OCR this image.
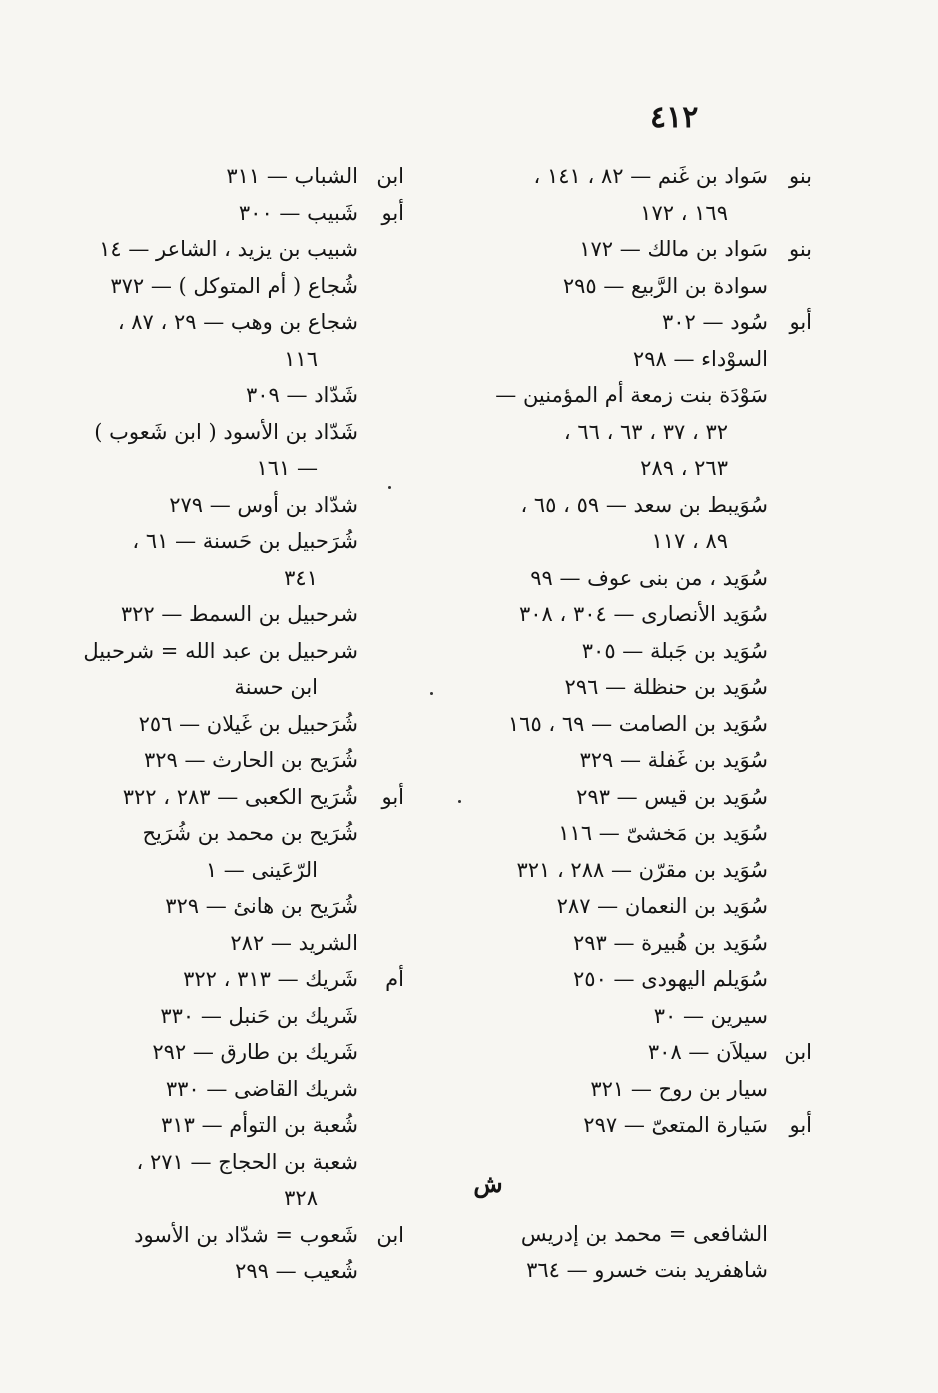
٤١٢
بنو
سَواد بن غَنم — ٨٢ ، ١٤١ ،
١٦٩ ، ١٧٢
بنو
سَواد بن مالك — ١٧٢
سوادة بن الرَّبيع — ٢٩٥
أبو
سُود — ٣٠٢
السوْداء — ٢٩٨
سَوْدَة بنت زمعة أم المؤمنين —
٣٢ ، ٣٧ ، ٦٣ ، ٦٦ ،
٢٦٣ ، ٢٨٩
سُوَيبط بن سعد — ٥٩ ، ٦٥ ،
٨٩ ، ١١٧
سُوَيد ، من بنى عوف — ٩٩
سُوَيد الأنصارى — ٣٠٤ ، ٣٠٨
سُوَيد بن جَبلة — ٣٠٥
سُوَيد بن حنظلة — ٢٩٦
سُوَيد بن الصامت — ٦٩ ، ١٦٥
سُوَيد بن غَفلة — ٣٢٩
سُوَيد بن قيس — ٢٩٣
سُوَيد بن مَخشىّ — ١١٦
سُوَيد بن مقرّن — ٢٨٨ ، ٣٢١
سُوَيد بن النعمان — ٢٨٧
سُوَيد بن هُبيرة — ٢٩٣
سُوَيلم اليهودى — ٢٥٠
سيرين — ٣٠
ابن
سيلاَن — ٣٠٨
سيار بن روح — ٣٢١
أبو
سَيارة المتعىّ — ٢٩٧
ش
الشافعى = محمد بن إدريس
شاهفريد بنت خسرو — ٣٦٤
ابن
الشباب — ٣١١
أبو
شَبيب — ٣٠٠
شبيب بن يزيد ، الشاعر — ١٤
شُجاع ( أم المتوكل ) — ٣٧٢
شجاع بن وهب — ٢٩ ، ٨٧ ،
١١٦
شَدّاد — ٣٠٩
شَدّاد بن الأسود ( ابن شَعوب )
— ١٦١
شدّاد بن أوس — ٢٧٩
شُرَحبيل بن حَسنة — ٦١ ،
٣٤١
شرحبيل بن السمط — ٣٢٢
شرحبيل بن عبد الله = شرحبيل
ابن حسنة
شُرَحبيل بن غَيلان — ٢٥٦
شُرَيح بن الحارث — ٣٢٩
أبو
شُرَيح الكعبى — ٢٨٣ ، ٣٢٢
شُرَيح بن محمد بن شُرَيح
الرّعَينى — ١
شُرَيح بن هانئ — ٣٢٩
الشريد — ٢٨٢
أم
شَريك — ٣١٣ ، ٣٢٢
شَريك بن حَنبل — ٣٣٠
شَريك بن طارق — ٢٩٢
شريك القاضى — ٣٣٠
شُعبة بن التوأم — ٣١٣
شعبة بن الحجاج — ٢٧١ ،
٣٢٨
ابن
شَعوب = شدّاد بن الأسود
شُعيب — ٢٩٩
